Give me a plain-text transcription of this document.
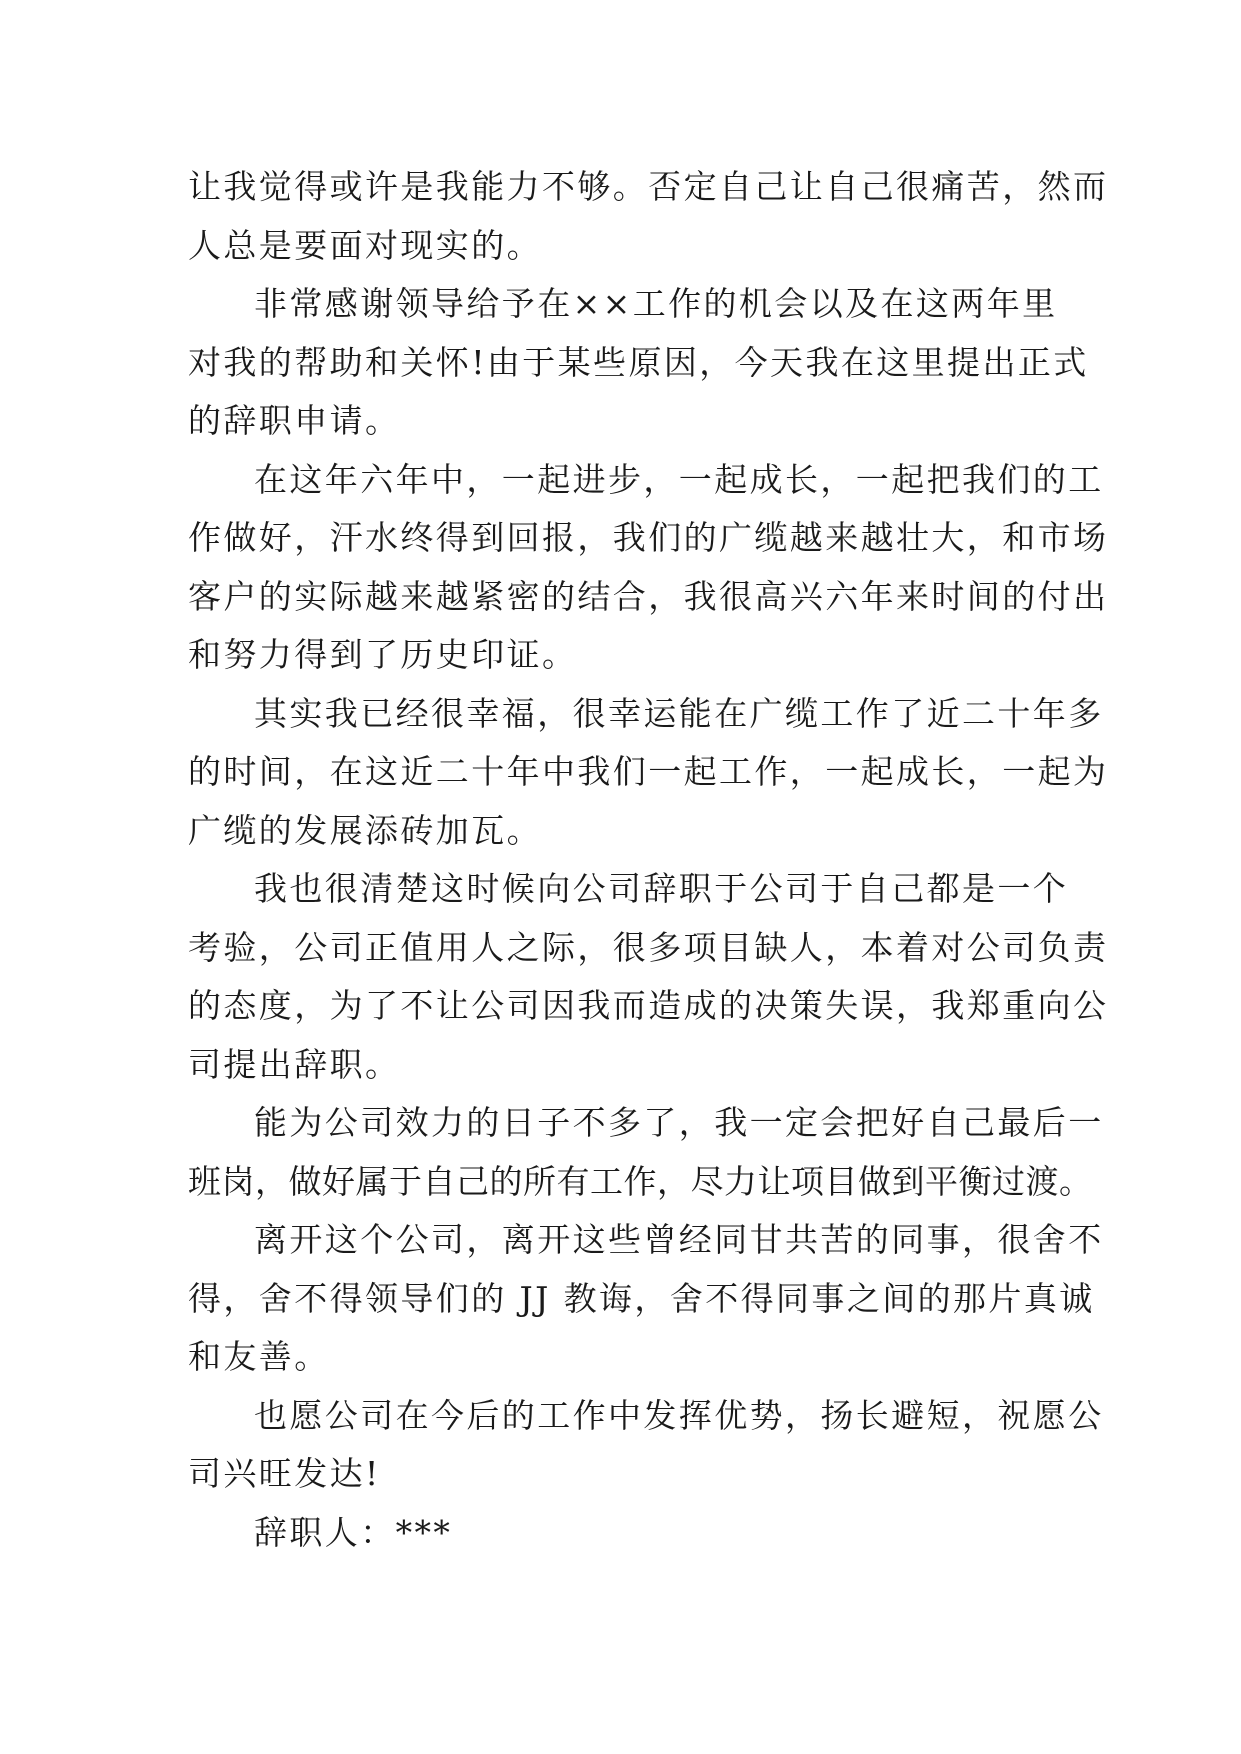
让我觉得或许是我能力不够。否定自己让自己很痛苦，然而
人总是要面对现实的。

非常感谢领导给予在××工作的机会以及在这两年里
对我的帮助和关怀!由于某些原因，今天我在这里提出正式
的辞职申请。

在这年六年中，一起进步，一起成长，一起把我们的工
作做好，汗水终得到回报，我们的广缆越来越壮大，和市场
客户的实际越来越紧密的结合，我很高兴六年来时间的付出
和努力得到了历史印证。

其实我已经很幸福，很幸运能在广缆工作了近二十年多
的时间，在这近二十年中我们一起工作，一起成长，一起为
广缆的发展添砖加瓦。

我也很清楚这时候向公司辞职于公司于自己都是一个
考验，公司正值用人之际，很多项目缺人，本着对公司负责
的态度，为了不让公司因我而造成的决策失误，我郑重向公
司提出辞职。

能为公司效力的日子不多了，我一定会把好自己最后一
班岗，做好属于自己的所有工作，尽力让项目做到平衡过渡。

离开这个公司，离开这些曾经同甘共苦的同事，很舍不
得，舍不得领导们的 JJ 教诲，舍不得同事之间的那片真诚
和友善。

也愿公司在今后的工作中发挥优势，扬长避短，祝愿公
司兴旺发达!

辞职人：***
